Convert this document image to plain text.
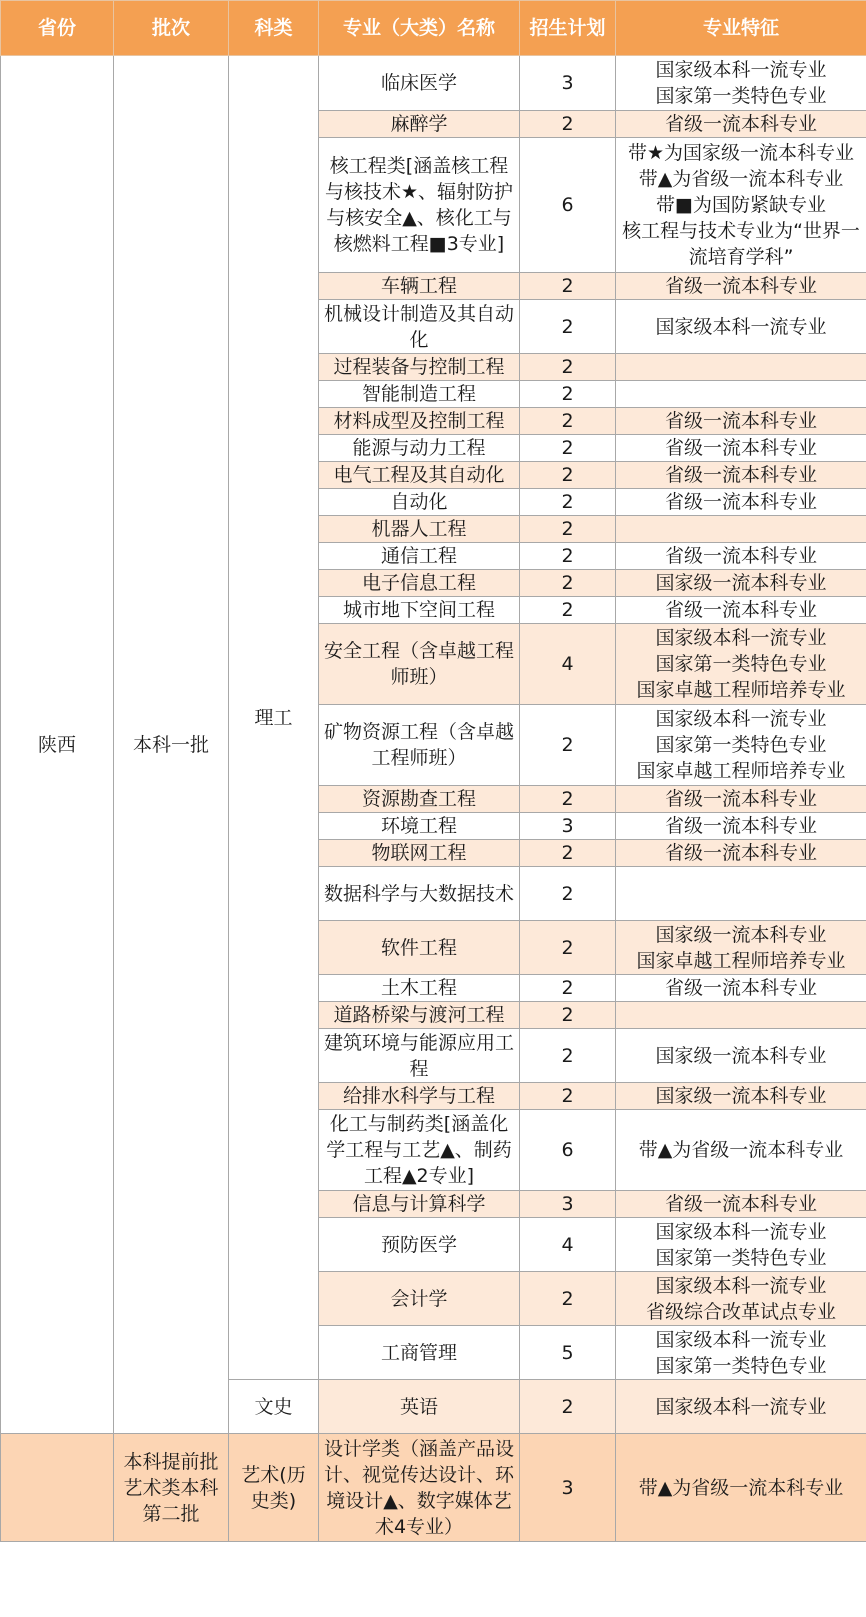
省份	批次	科类	专业（大类）名称	招生计划	专业特征
陕西	本科一批	理工	临床医学	3	国家级本科一流专业
国家第一类特色专业
			麻醉学	2	省级一流本科专业
			核工程类[涵盖核工程与核技术★、辐射防护与核安全▲、核化工与核燃料工程■3专业]	6	带★为国家级一流本科专业
带▲为省级一流本科专业
带■为国防紧缺专业
核工程与技术专业为“世界一流培育学科”
			车辆工程	2	省级一流本科专业
			机械设计制造及其自动化	2	国家级本科一流专业
			过程装备与控制工程	2	
			智能制造工程	2	
			材料成型及控制工程	2	省级一流本科专业
			能源与动力工程	2	省级一流本科专业
			电气工程及其自动化	2	省级一流本科专业
			自动化	2	省级一流本科专业
			机器人工程	2	
			通信工程	2	省级一流本科专业
			电子信息工程	2	国家级一流本科专业
			城市地下空间工程	2	省级一流本科专业
			安全工程（含卓越工程师班）	4	国家级本科一流专业
国家第一类特色专业
国家卓越工程师培养专业
			矿物资源工程（含卓越工程师班）	2	国家级本科一流专业
国家第一类特色专业
国家卓越工程师培养专业
			资源勘查工程	2	省级一流本科专业
			环境工程	3	省级一流本科专业
			物联网工程	2	省级一流本科专业
			数据科学与大数据技术	2	
			软件工程	2	国家级一流本科专业
国家卓越工程师培养专业
			土木工程	2	省级一流本科专业
			道路桥梁与渡河工程	2	
			建筑环境与能源应用工程	2	国家级一流本科专业
			给排水科学与工程	2	国家级一流本科专业
			化工与制药类[涵盖化学工程与工艺▲、制药工程▲2专业]	6	带▲为省级一流本科专业
			信息与计算科学	3	省级一流本科专业
			预防医学	4	国家级本科一流专业
国家第一类特色专业
			会计学	2	国家级本科一流专业
省级综合改革试点专业
			工商管理	5	国家级本科一流专业
国家第一类特色专业
		文史	英语	2	国家级本科一流专业
	本科提前批艺术类本科第二批	艺术(历史类)	设计学类（涵盖产品设计、视觉传达设计、环境设计▲、数字媒体艺术4专业）	3	带▲为省级一流本科专业
